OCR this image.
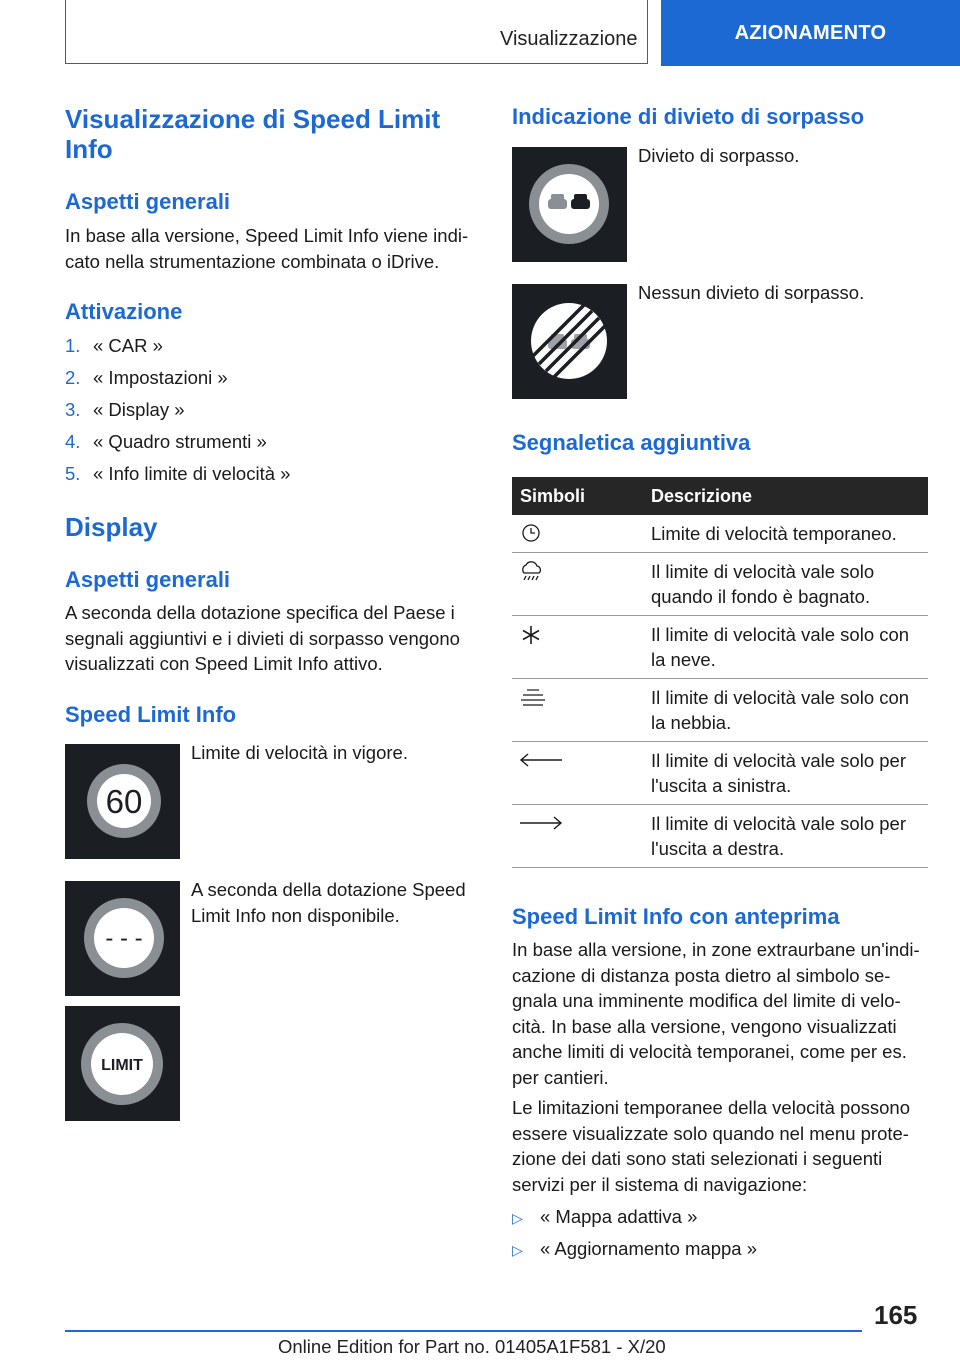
Visualizzazione	AZIONAMENTO
Visualizzazione di Speed Limit Info
Aspetti generali
In base alla versione, Speed Limit Info viene indi-cato nella strumentazione combinata o iDrive.
Attivazione
1. « CAR »
2. « Impostazioni »
3. « Display »
4. « Quadro strumenti »
5. « Info limite di velocità »
Display
Aspetti generali
A seconda della dotazione specifica del Paese i segnali aggiuntivi e i divieti di sorpasso vengono visualizzati con Speed Limit Info attivo.
Speed Limit Info
60
Limite di velocità in vigore.
- - -
A seconda della dotazione Speed Limit Info non disponibile.
LIMIT
Indicazione di divieto di sorpasso
Divieto di sorpasso.
Nessun divieto di sorpasso.
Segnaletica aggiuntiva
Simboli	Descrizione
	Limite di velocità temporaneo.
	Il limite di velocità vale solo quando il fondo è bagnato.
	Il limite di velocità vale solo con la neve.
	Il limite di velocità vale solo con la nebbia.
	Il limite di velocità vale solo per l'uscita a sinistra.
	Il limite di velocità vale solo per l'uscita a destra.
Speed Limit Info con anteprima
In base alla versione, in zone extraurbane un'indi-cazione di distanza posta dietro al simbolo se-gnala una imminente modifica del limite di velo-cità. In base alla versione, vengono visualizzati anche limiti di velocità temporanei, come per es. per cantieri.
Le limitazioni temporanee della velocità possono essere visualizzate solo quando nel menu prote-zione dei dati sono stati selezionati i seguenti servizi per il sistema di navigazione:
▷ « Mappa adattiva »
▷ « Aggiornamento mappa »
165
Online Edition for Part no. 01405A1F581 - X/20
